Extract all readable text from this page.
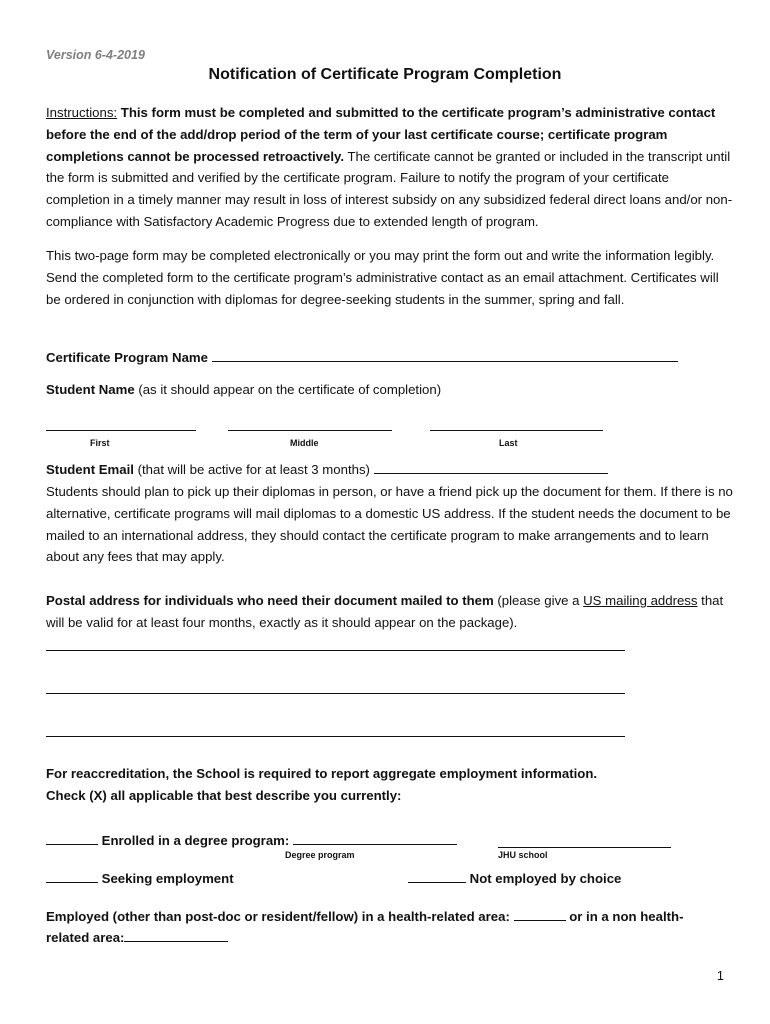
Version 6-4-2019
Notification of Certificate Program Completion
Instructions: This form must be completed and submitted to the certificate program’s administrative contact before the end of the add/drop period of the term of your last certificate course; certificate program completions cannot be processed retroactively. The certificate cannot be granted or included in the transcript until the form is submitted and verified by the certificate program. Failure to notify the program of your certificate completion in a timely manner may result in loss of interest subsidy on any subsidized federal direct loans and/or non-compliance with Satisfactory Academic Progress due to extended length of program.
This two-page form may be completed electronically or you may print the form out and write the information legibly. Send the completed form to the certificate program’s administrative contact as an email attachment. Certificates will be ordered in conjunction with diplomas for degree-seeking students in the summer, spring and fall.
Certificate Program Name
Student Name (as it should appear on the certificate of completion)
First	Middle	Last
Student Email (that will be active for at least 3 months)
Students should plan to pick up their diplomas in person, or have a friend pick up the document for them. If there is no alternative, certificate programs will mail diplomas to a domestic US address. If the student needs the document to be mailed to an international address, they should contact the certificate program to make arrangements and to learn about any fees that may apply.
Postal address for individuals who need their document mailed to them (please give a US mailing address that will be valid for at least four months, exactly as it should appear on the package).
For reaccreditation, the School is required to report aggregate employment information.
Check (X) all applicable that best describe you currently:
Enrolled in a degree program:
Degree program	JHU school
Seeking employment	Not employed by choice
Employed (other than post-doc or resident/fellow) in a health-related area:	or in a non health-
related area:
1
